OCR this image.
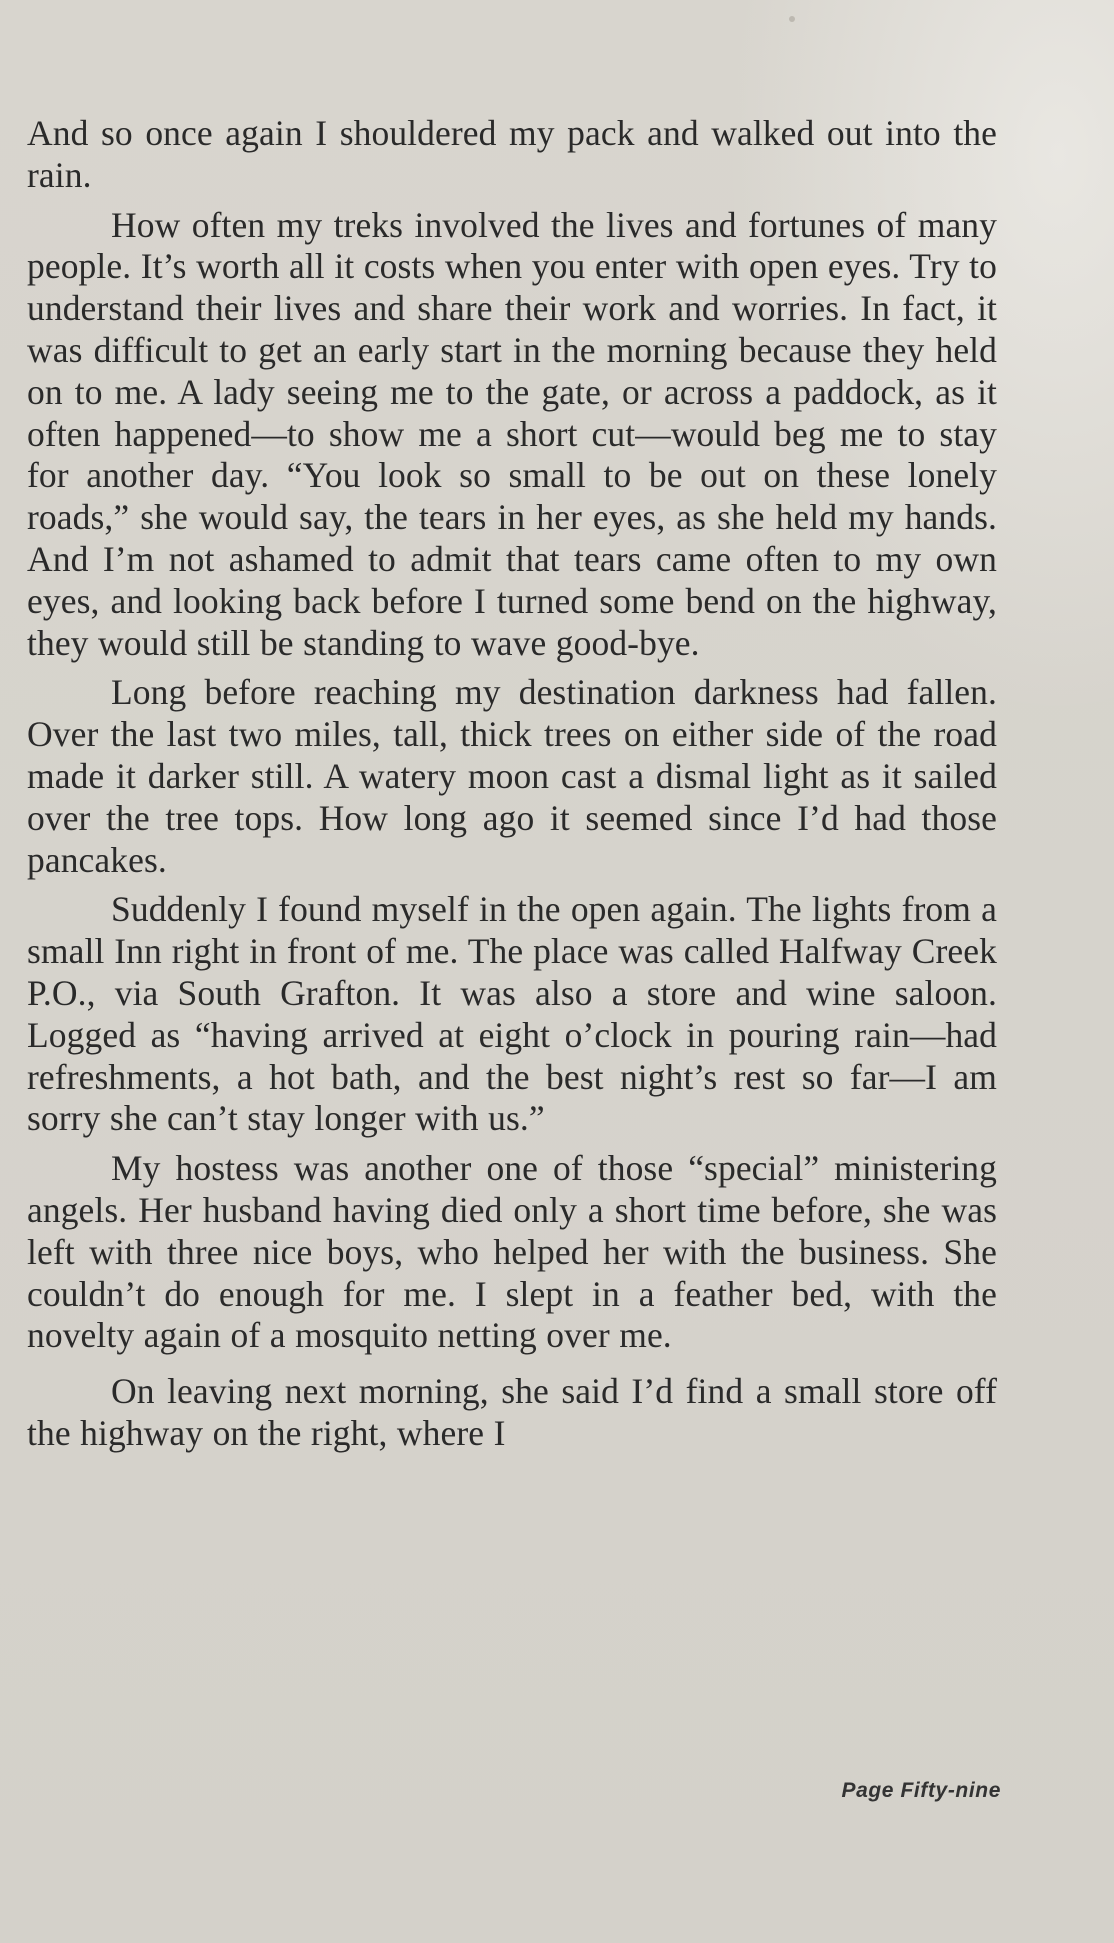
And so once again I shouldered my pack and walked out into the rain.

How often my treks involved the lives and fortunes of many people. It’s worth all it costs when you enter with open eyes. Try to understand their lives and share their work and worries. In fact, it was difficult to get an early start in the morning because they held on to me. A lady seeing me to the gate, or across a paddock, as it often happened—to show me a short cut—would beg me to stay for another day. “You look so small to be out on these lonely roads,” she would say, the tears in her eyes, as she held my hands. And I’m not ashamed to admit that tears came often to my own eyes, and looking back before I turned some bend on the highway, they would still be standing to wave good-bye.

Long before reaching my destination darkness had fallen. Over the last two miles, tall, thick trees on either side of the road made it darker still. A watery moon cast a dismal light as it sailed over the tree tops. How long ago it seemed since I’d had those pancakes.

Suddenly I found myself in the open again. The lights from a small Inn right in front of me. The place was called Halfway Creek P.O., via South Grafton. It was also a store and wine saloon. Logged as “having arrived at eight o’clock in pouring rain—had refreshments, a hot bath, and the best night’s rest so far—I am sorry she can’t stay longer with us.”

My hostess was another one of those “special” ministering angels. Her husband having died only a short time before, she was left with three nice boys, who helped her with the business. She couldn’t do enough for me. I slept in a feather bed, with the novelty again of a mosquito netting over me.

On leaving next morning, she said I’d find a small store off the highway on the right, where I

Page Fifty-nine
